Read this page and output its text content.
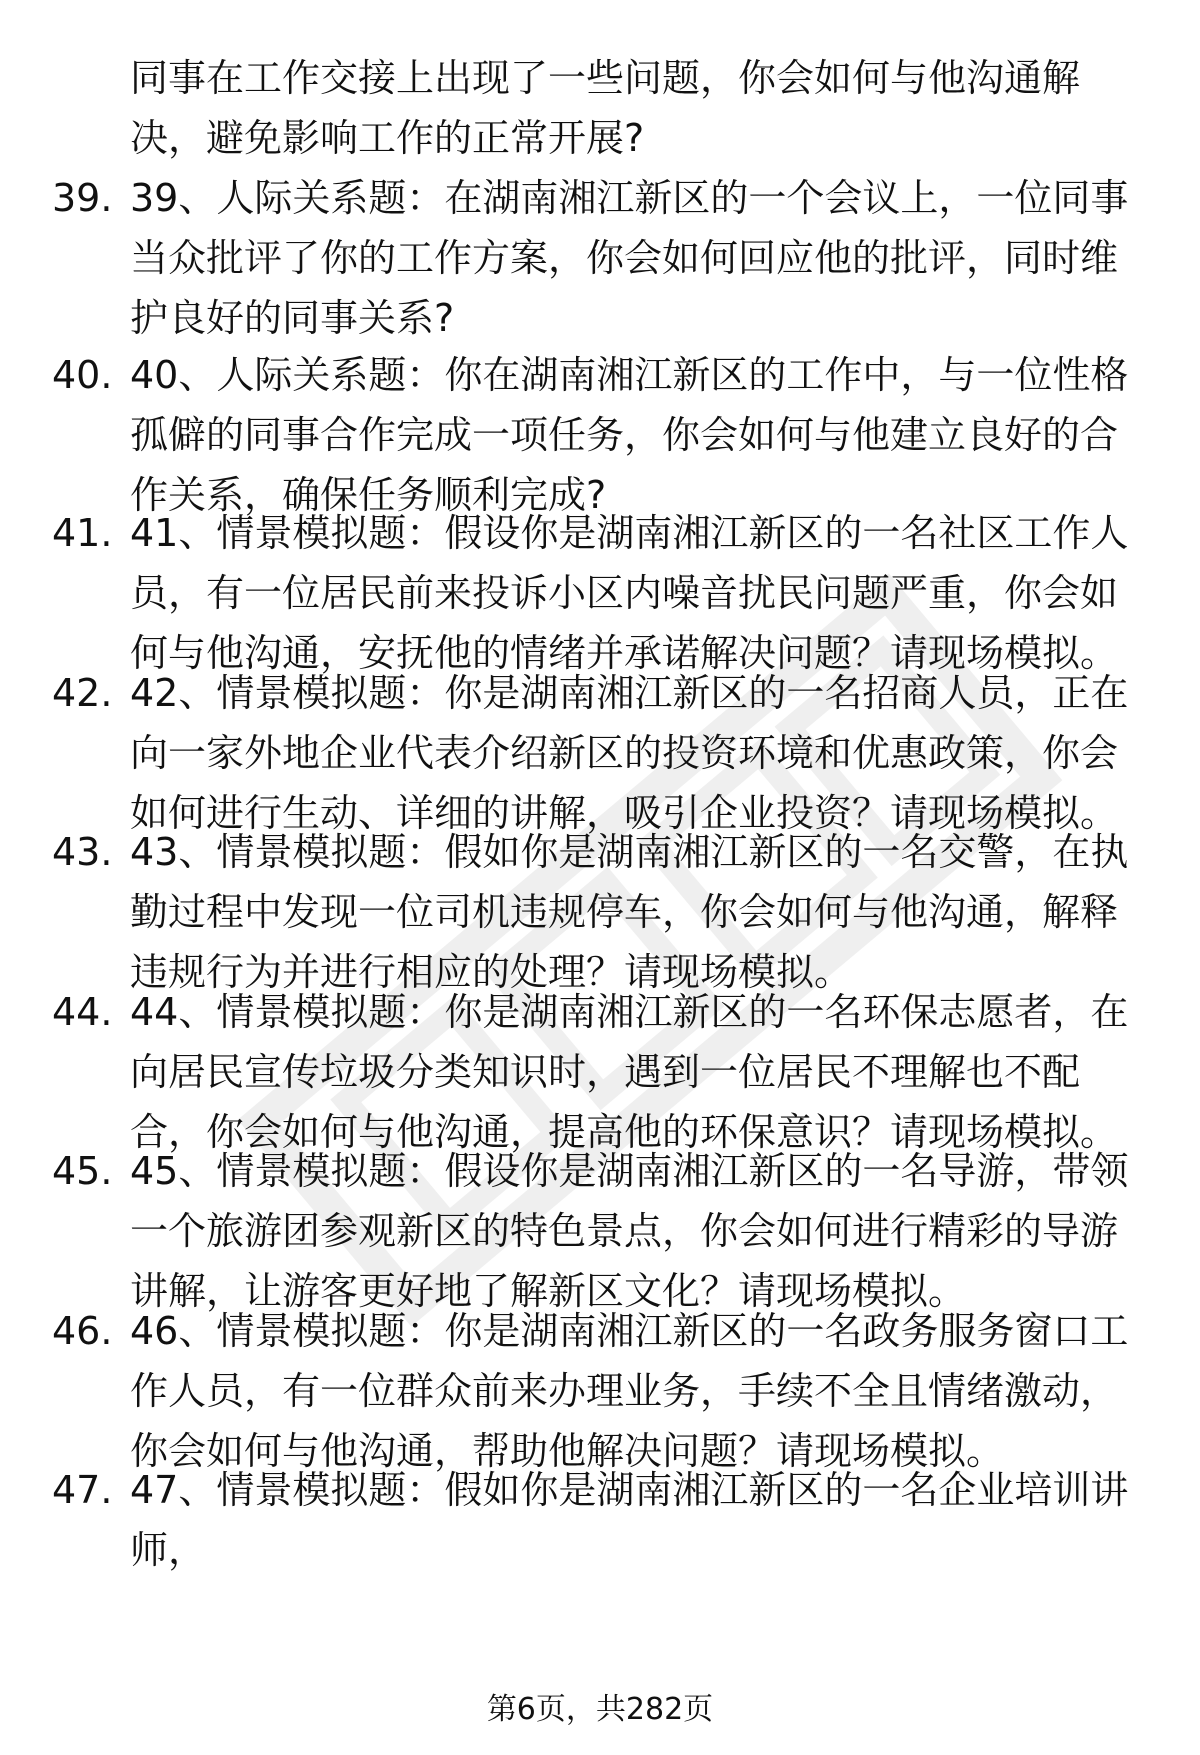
同事在工作交接上出现了一些问题，你会如何与他沟通解决，避免影响工作的正常开展?
39. 39、人际关系题：在湖南湘江新区的一个会议上，一位同事当众批评了你的工作方案，你会如何回应他的批评，同时维护良好的同事关系?
40. 40、人际关系题：你在湖南湘江新区的工作中，与一位性格孤僻的同事合作完成一项任务，你会如何与他建立良好的合作关系，确保任务顺利完成?
41. 41、情景模拟题：假设你是湖南湘江新区的一名社区工作人员，有一位居民前来投诉小区内噪音扰民问题严重，你会如何与他沟通，安抚他的情绪并承诺解决问题？请现场模拟。
42. 42、情景模拟题：你是湖南湘江新区的一名招商人员，正在向一家外地企业代表介绍新区的投资环境和优惠政策，你会如何进行生动、详细的讲解，吸引企业投资？请现场模拟。
43. 43、情景模拟题：假如你是湖南湘江新区的一名交警，在执勤过程中发现一位司机违规停车，你会如何与他沟通，解释违规行为并进行相应的处理？请现场模拟。
44. 44、情景模拟题：你是湖南湘江新区的一名环保志愿者，在向居民宣传垃圾分类知识时，遇到一位居民不理解也不配合，你会如何与他沟通，提高他的环保意识？请现场模拟。
45. 45、情景模拟题：假设你是湖南湘江新区的一名导游，带领一个旅游团参观新区的特色景点，你会如何进行精彩的导游讲解，让游客更好地了解新区文化？请现场模拟。
46. 46、情景模拟题：你是湖南湘江新区的一名政务服务窗口工作人员，有一位群众前来办理业务，手续不全且情绪激动，你会如何与他沟通，帮助他解决问题？请现场模拟。
47. 47、情景模拟题：假如你是湖南湘江新区的一名企业培训讲师，
第6页，共282页
